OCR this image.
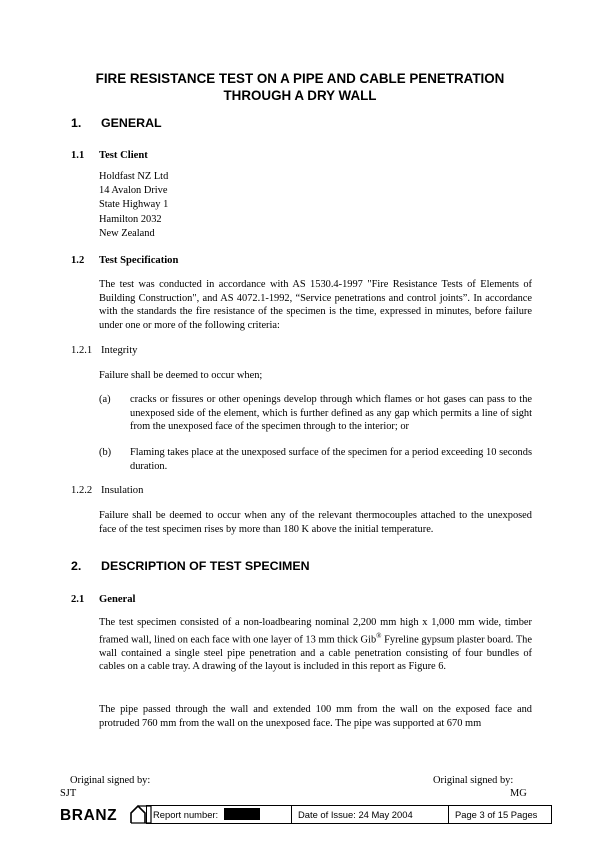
FIRE RESISTANCE TEST ON A PIPE AND CABLE PENETRATION
THROUGH A DRY WALL
1. GENERAL
1.1 Test Client
Holdfast NZ Ltd
14 Avalon Drive
State Highway 1
Hamilton 2032
New Zealand
1.2 Test Specification
The test was conducted in accordance with AS 1530.4-1997 "Fire Resistance Tests of Elements of Building Construction", and AS 4072.1-1992, “Service penetrations and control joints”. In accordance with the standards the fire resistance of the specimen is the time, expressed in minutes, before failure under one or more of the following criteria:
1.2.1 Integrity
Failure shall be deemed to occur when;
(a) cracks or fissures or other openings develop through which flames or hot gases can pass to the unexposed side of the element, which is further defined as any gap which permits a line of sight from the unexposed face of the specimen through to the interior; or
(b) Flaming takes place at the unexposed surface of the specimen for a period exceeding 10 seconds duration.
1.2.2 Insulation
Failure shall be deemed to occur when any of the relevant thermocouples attached to the unexposed face of the test specimen rises by more than 180 K above the initial temperature.
2. DESCRIPTION OF TEST SPECIMEN
2.1 General
The test specimen consisted of a non-loadbearing nominal 2,200 mm high x 1,000 mm wide, timber framed wall, lined on each face with one layer of 13 mm thick Gib® Fyreline gypsum plaster board. The wall contained a single steel pipe penetration and a cable penetration consisting of four bundles of cables on a cable tray. A drawing of the layout is included in this report as Figure 6.
The pipe passed through the wall and extended 100 mm from the wall on the exposed face and protruded 760 mm from the wall on the unexposed face. The pipe was supported at 670 mm
Original signed by:
SJT
Original signed by:
MG
BRANZ	Report number:	Date of Issue: 24 May 2004	Page 3 of 15 Pages
